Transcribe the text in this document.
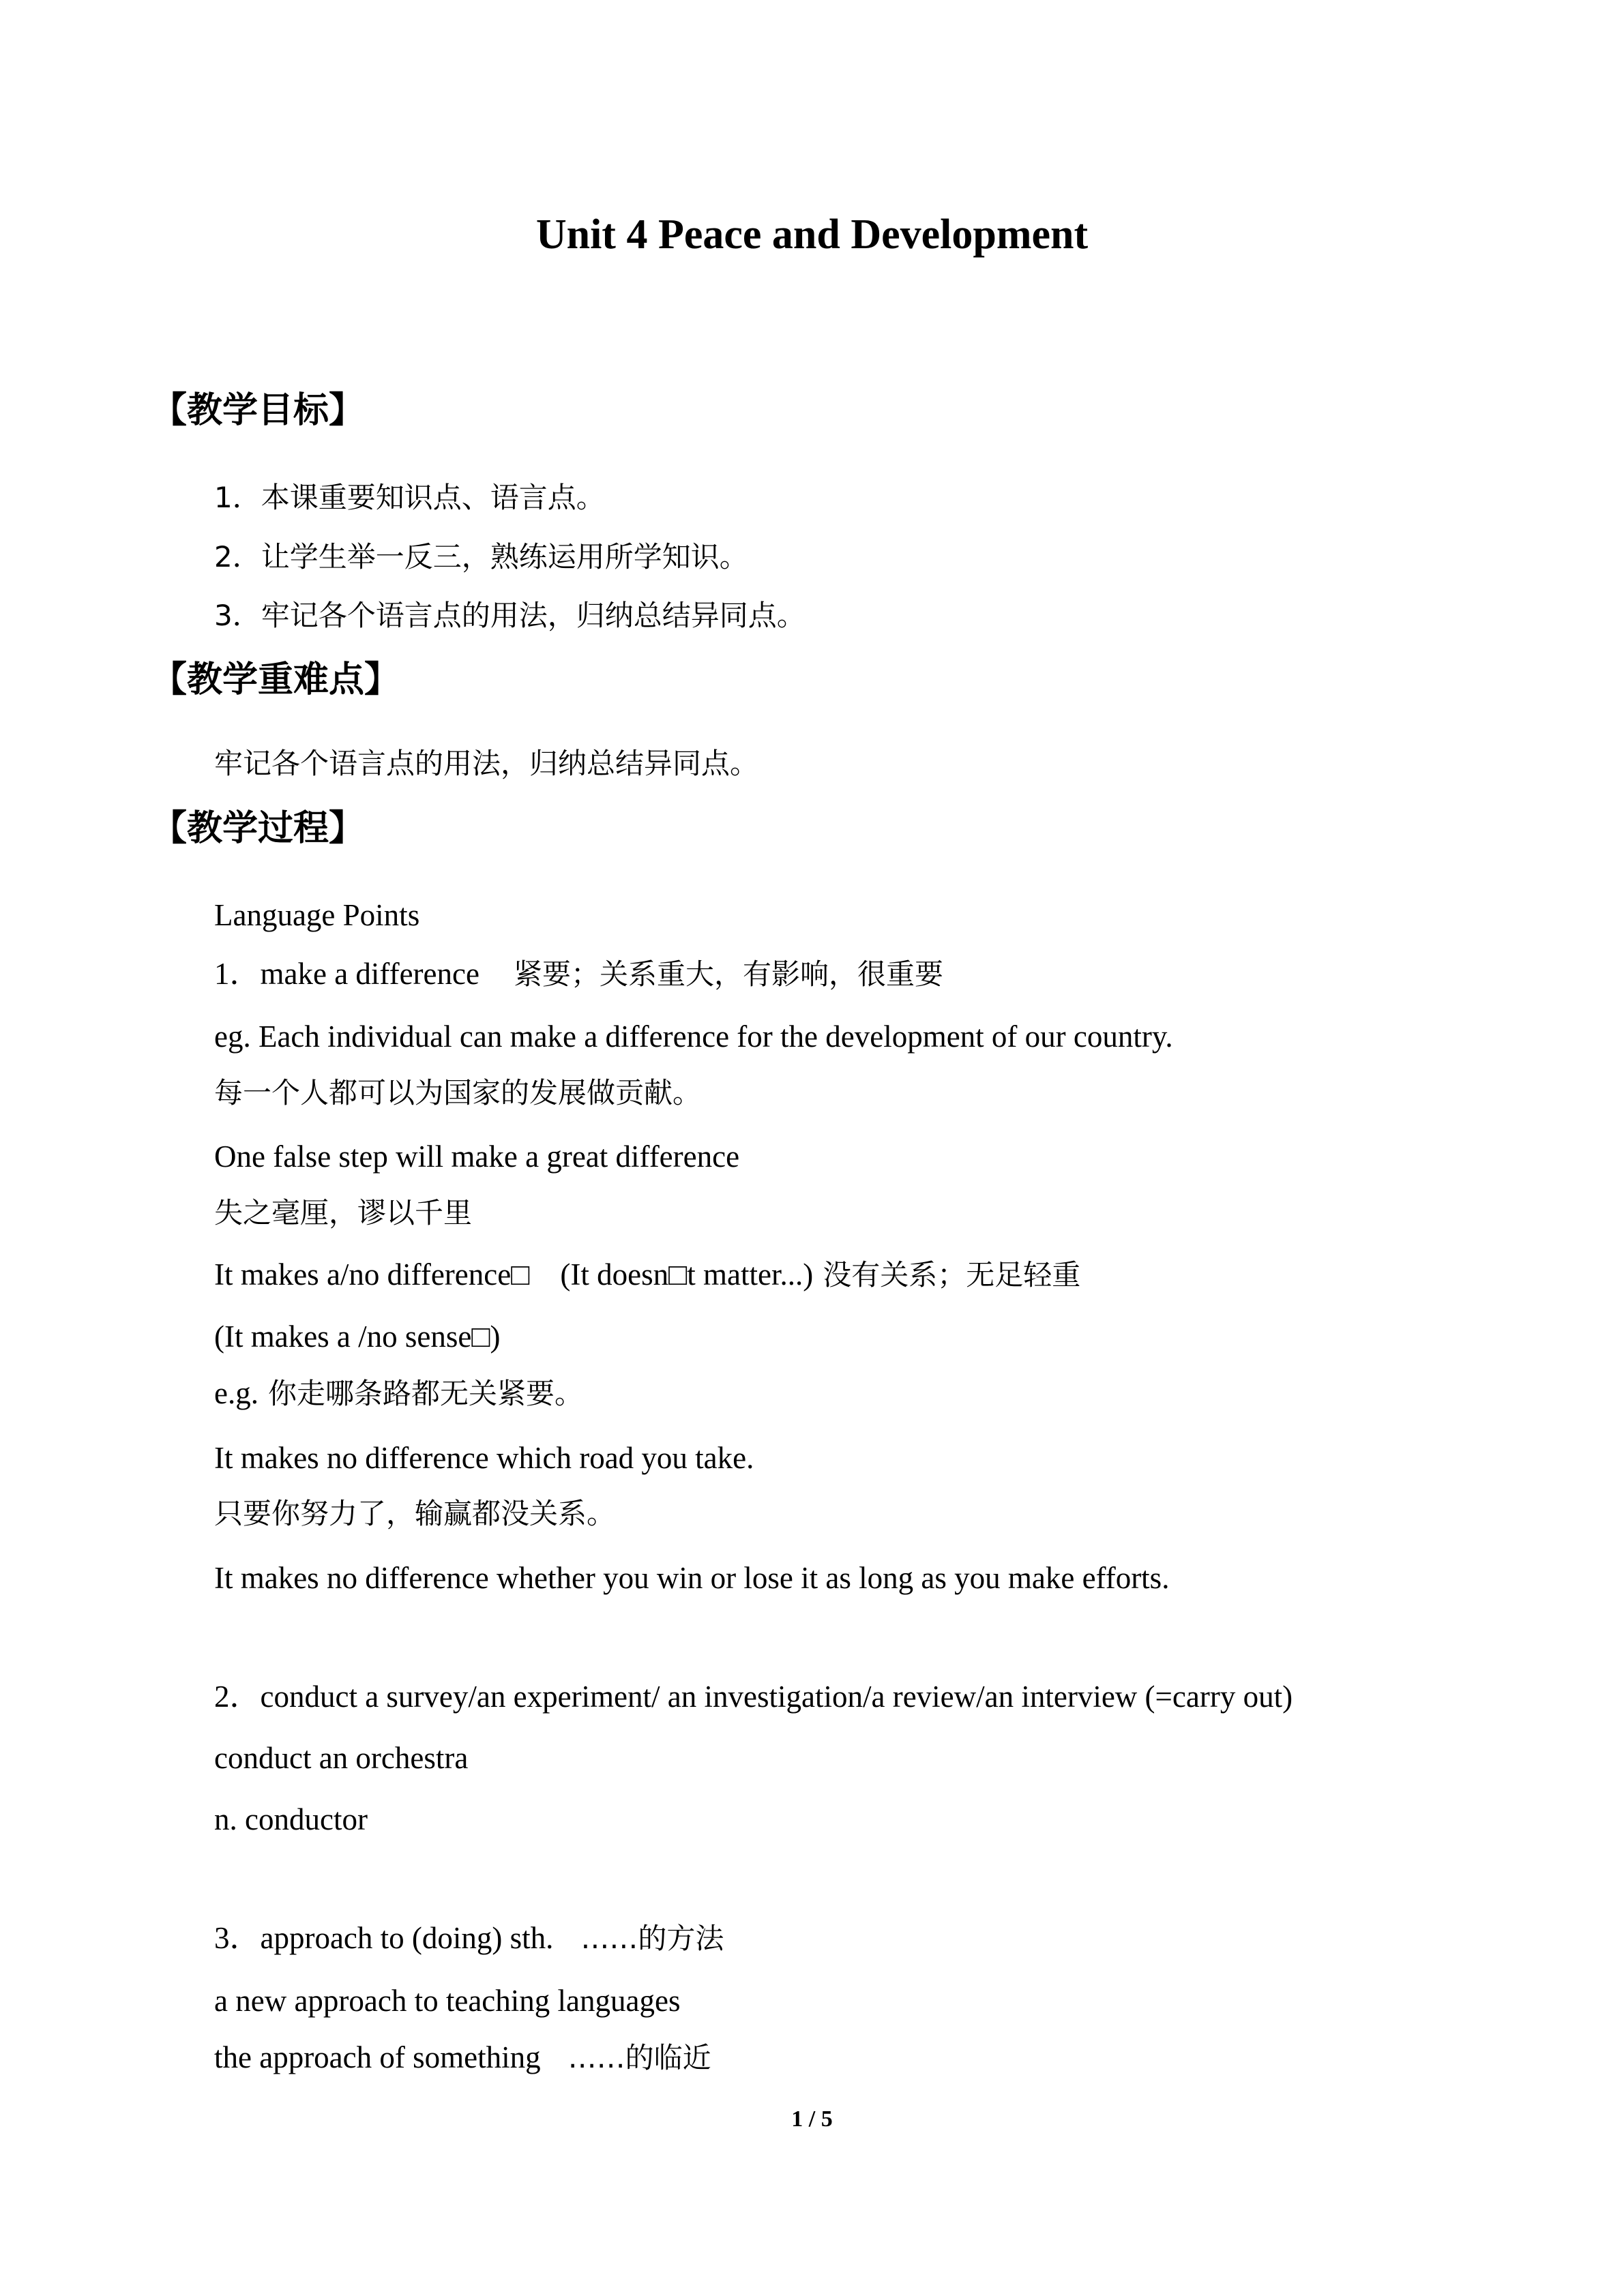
Unit 4 Peace and Development
【教学目标】

1．本课重要知识点、语言点。

2．让学生举一反三，熟练运用所学知识。

3．牢记各个语言点的用法，归纳总结异同点。

【教学重难点】

牢记各个语言点的用法，归纳总结异同点。

【教学过程】

Language Points

1．make a difference 紧要；关系重大，有影响，很重要

eg. Each individual can make a difference for the development of our country.

每一个人都可以为国家的发展做贡献。

One false step will make a great difference

失之毫厘，谬以千里

It makes a/no difference□    (It doesn□t matter...) 没有关系；无足轻重

(It makes a /no sense□)

e.g. 你走哪条路都无关紧要。

It makes no difference which road you take.

只要你努力了，输赢都没关系。

It makes no difference whether you win or lose it as long as you make efforts.

2．conduct a survey/an experiment/ an investigation/a review/an interview (=carry out)

conduct an orchestra

n. conductor

3．approach to (doing) sth. ……的方法

a new approach to teaching languages

the approach of something ……的临近

1 / 5
